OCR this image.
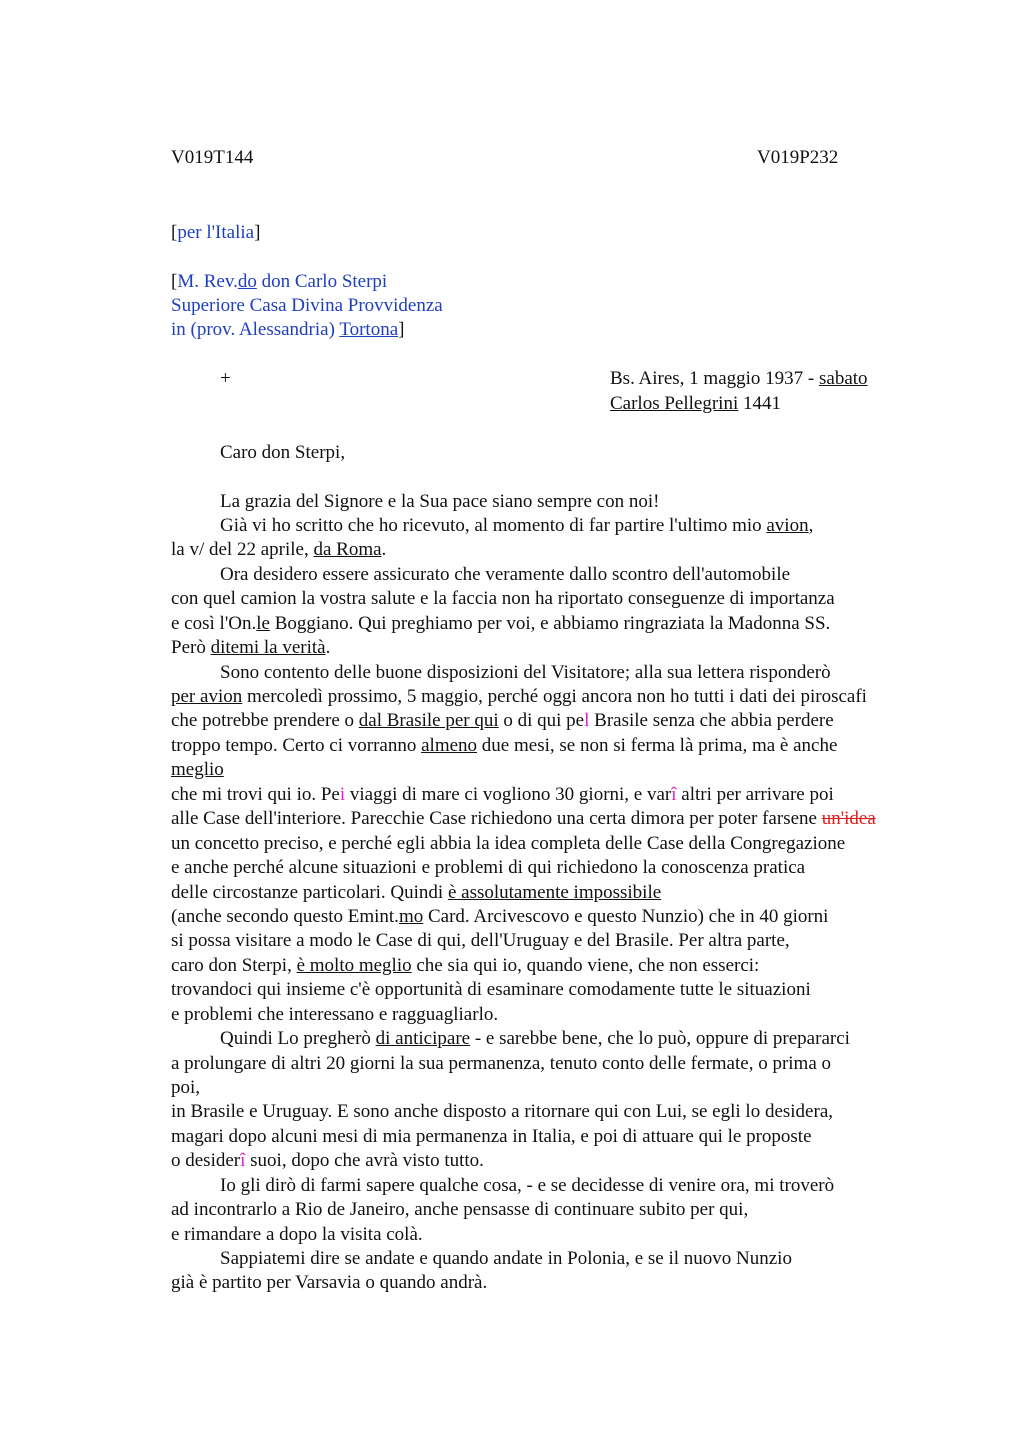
V019T144	V019P232
[per l'Italia]
[M. Rev.do don Carlo Sterpi
Superiore Casa Divina Provvidenza
in (prov. Alessandria) Tortona]
+	Bs. Aires, 1 maggio 1937 - sabato
Carlos Pellegrini 1441
Caro don Sterpi,
La grazia del Signore e la Sua pace siano sempre con noi!
Già vi ho scritto che ho ricevuto, al momento di far partire l'ultimo mio avion,
la v/ del 22 aprile, da Roma.
Ora desidero essere assicurato che veramente dallo scontro dell'automobile
con quel camion la vostra salute e la faccia non ha riportato conseguenze di importanza
e così l'On.le Boggiano. Qui preghiamo per voi, e abbiamo ringraziata la Madonna SS.
Però ditemi la verità.
Sono contento delle buone disposizioni del Visitatore; alla sua lettera risponderò
per avion mercoledì prossimo, 5 maggio, perché oggi ancora non ho tutti i dati dei piroscafi
che potrebbe prendere o dal Brasile per qui o di qui pel Brasile senza che abbia perdere
troppo tempo. Certo ci vorranno almeno due mesi, se non si ferma là prima, ma è anche
meglio
che mi trovi qui io. Pei viaggi di mare ci vogliono 30 giorni, e varî altri per arrivare poi
alle Case dell'interiore. Parecchie Case richiedono una certa dimora per poter farsene un'idea
un concetto preciso, e perché egli abbia la idea completa delle Case della Congregazione
e anche perché alcune situazioni e problemi di qui richiedono la conoscenza pratica
delle circostanze particolari. Quindi è assolutamente impossibile
(anche secondo questo Emint.mo Card. Arcivescovo e questo Nunzio) che in 40 giorni
si possa visitare a modo le Case di qui, dell'Uruguay e del Brasile. Per altra parte,
caro don Sterpi, è molto meglio che sia qui io, quando viene, che non esserci:
trovandoci qui insieme c'è opportunità di esaminare comodamente tutte le situazioni
e problemi che interessano e ragguagliarlo.
Quindi Lo pregherò di anticipare - e sarebbe bene, che lo può, oppure di prepararci
a prolungare di altri 20 giorni la sua permanenza, tenuto conto delle fermate, o prima o
poi,
in Brasile e Uruguay. E sono anche disposto a ritornare qui con Lui, se egli lo desidera,
magari dopo alcuni mesi di mia permanenza in Italia, e poi di attuare qui le proposte
o desiderî suoi, dopo che avrà visto tutto.
Io gli dirò di farmi sapere qualche cosa, - e se decidesse di venire ora, mi troverò
ad incontrarlo a Rio de Janeiro, anche pensasse di continuare subito per qui,
e rimandare a dopo la visita colà.
Sappiatemi dire se andate e quando andate in Polonia, e se il nuovo Nunzio
già è partito per Varsavia o quando andrà.
